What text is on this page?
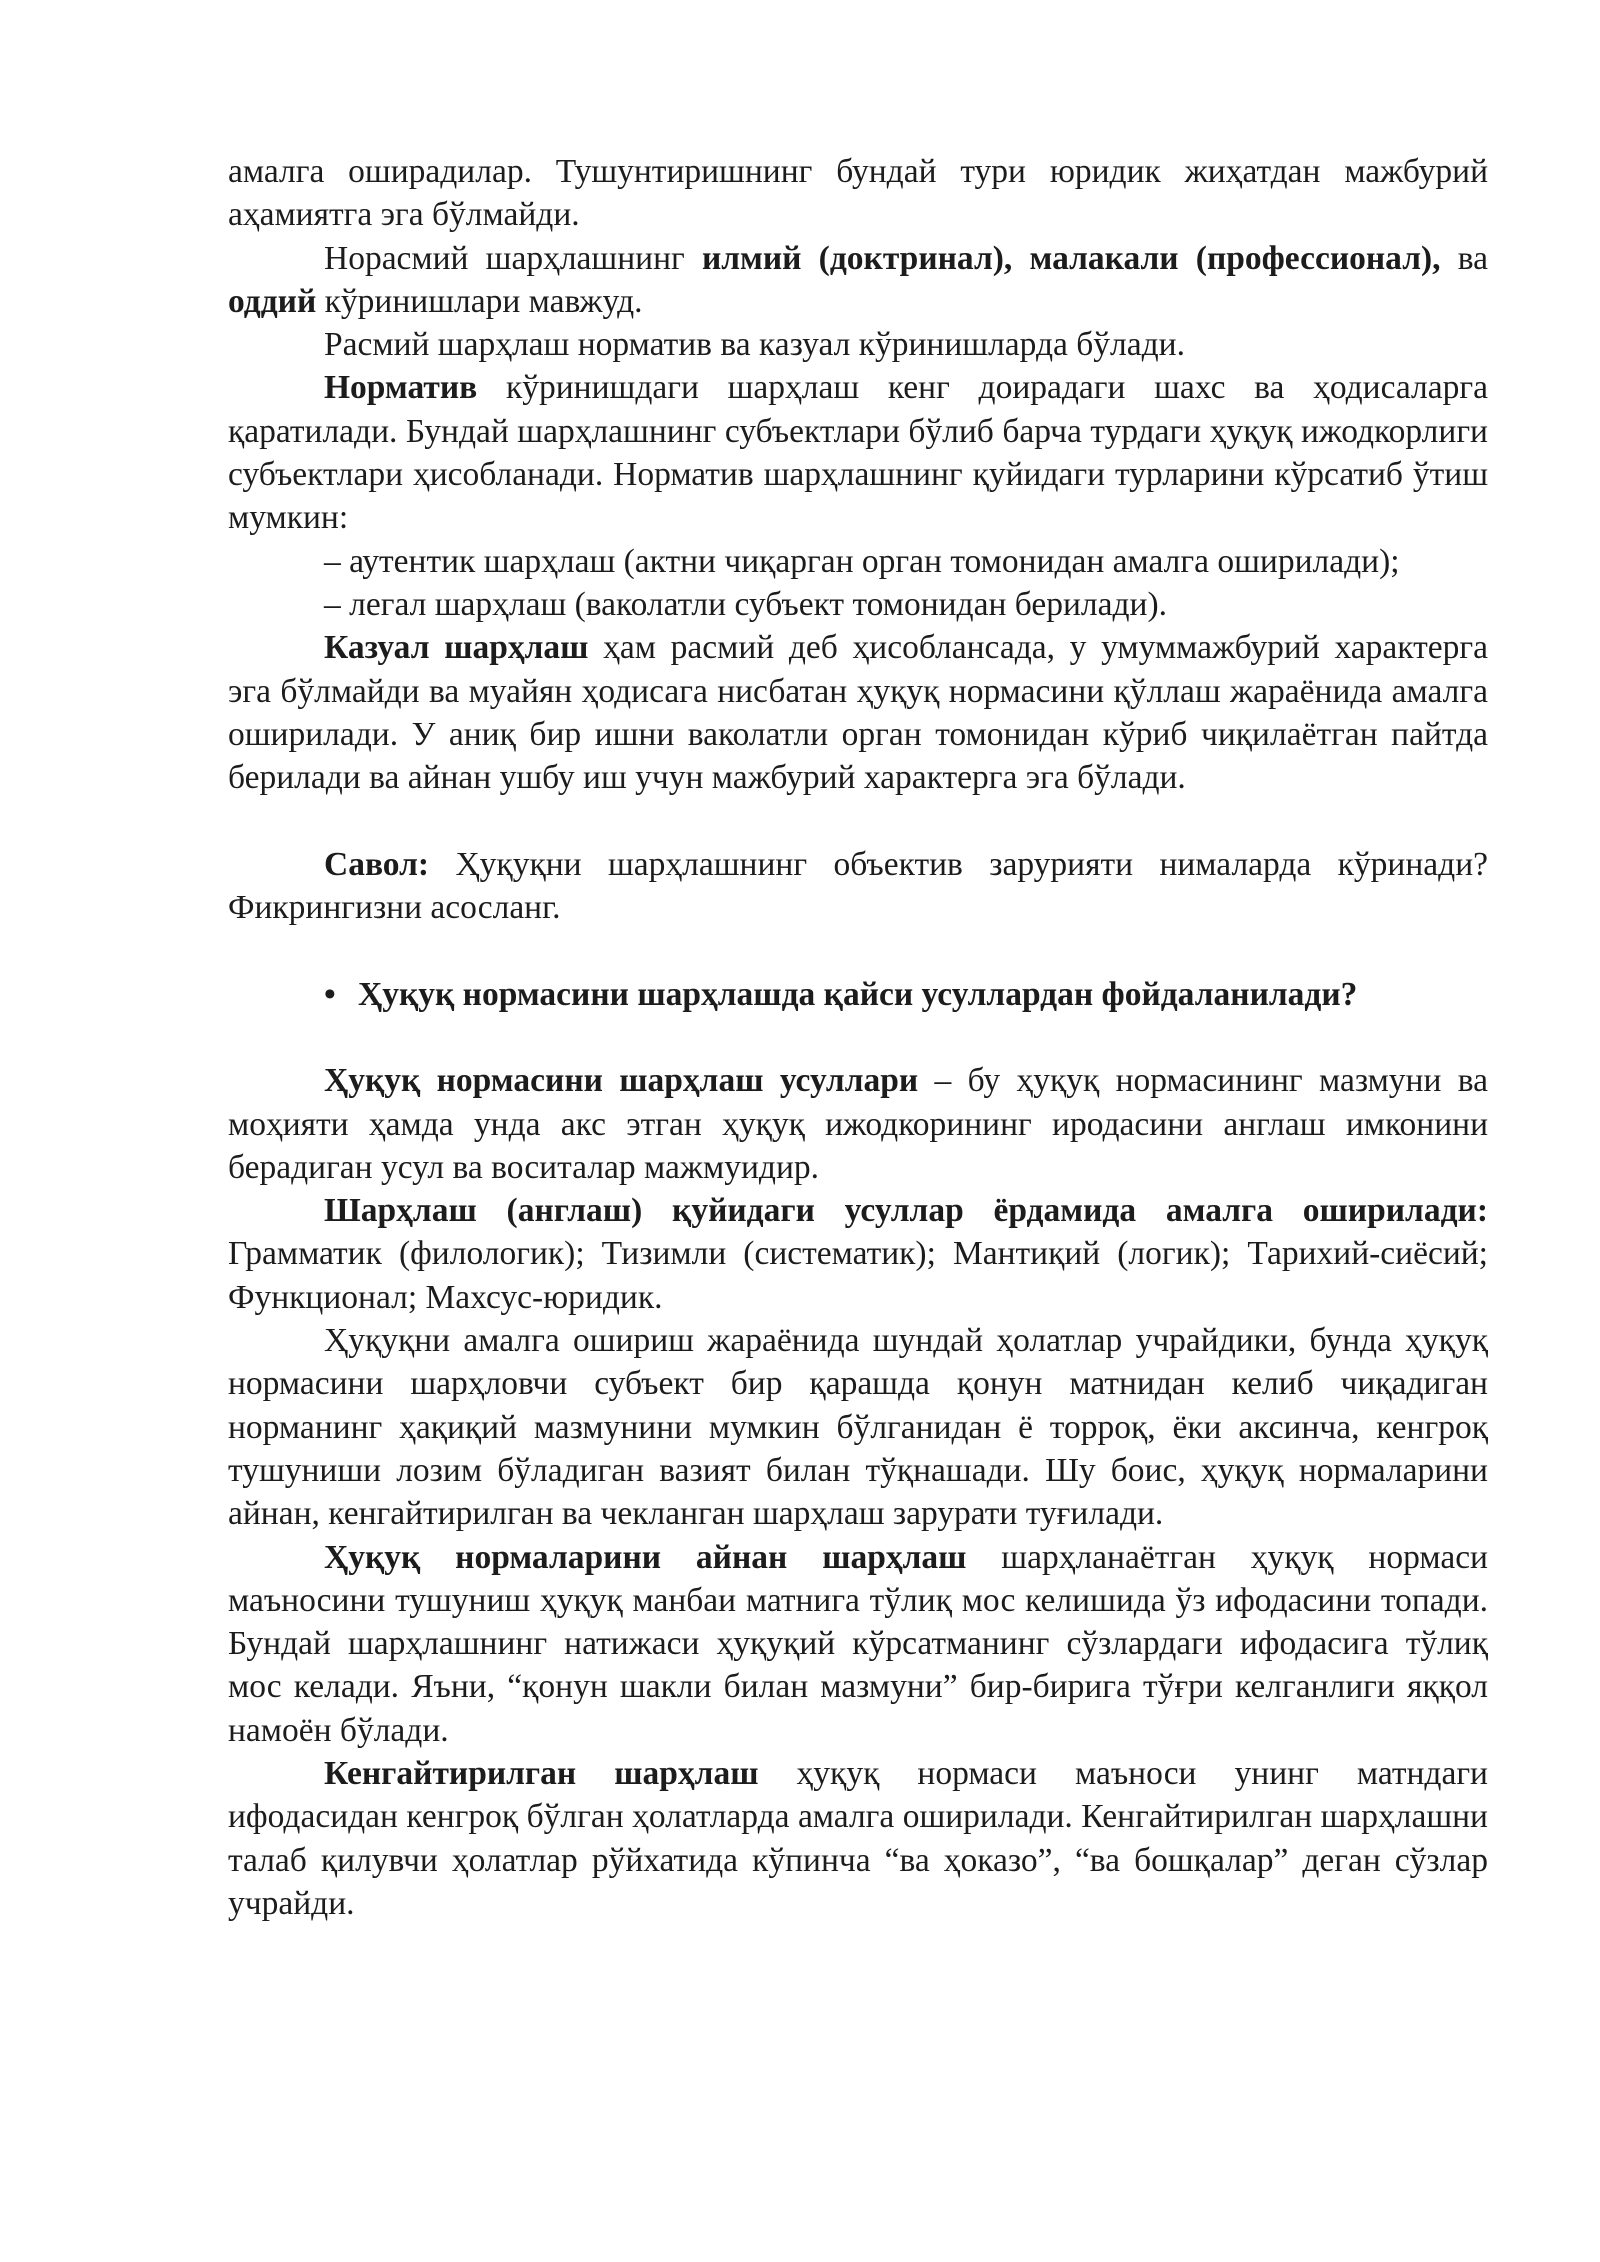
амалга оширадилар. Тушунтиришнинг бундай тури юридик жиҳатдан мажбурий аҳамиятга эга бўлмайди.

Норасмий шарҳлашнинг илмий (доктринал), малакали (профессионал), ва оддий кўринишлари мавжуд.

Расмий шарҳлаш норматив ва казуал кўринишларда бўлади.

Норматив кўринишдаги шарҳлаш кенг доирадаги шахс ва ҳодисаларга қаратилади. Бундай шарҳлашнинг субъектлари бўлиб барча турдаги ҳуқуқ ижодкорлиги субъектлари ҳисобланади. Норматив шарҳлашнинг қуйидаги турларини кўрсатиб ўтиш мумкин:

– аутентик шарҳлаш (актни чиқарган орган томонидан амалга оширилади);

– легал шарҳлаш (ваколатли субъект томонидан берилади).

Казуал шарҳлаш ҳам расмий деб ҳисоблансада, у умуммажбурий характерга эга бўлмайди ва муайян ҳодисага нисбатан ҳуқуқ нормасини қўллаш жараёнида амалга оширилади. У аниқ бир ишни ваколатли орган томонидан кўриб чиқилаётган пайтда берилади ва айнан ушбу иш учун мажбурий характерга эга бўлади.

Савол: Ҳуқуқни шарҳлашнинг объектив зарурияти нималарда кўринади? Фикрингизни асосланг.

• Ҳуқуқ нормасини шарҳлашда қайси усуллардан фойдаланилади?

Ҳуқуқ нормасини шарҳлаш усуллари – бу ҳуқуқ нормасининг мазмуни ва моҳияти ҳамда унда акс этган ҳуқуқ ижодкорининг иродасини англаш имконини берадиган усул ва воситалар мажмуидир.

Шарҳлаш (англаш) қуйидаги усуллар ёрдамида амалга оширилади: Грамматик (филологик); Тизимли (систематик); Мантиқий (логик); Тарихий-сиёсий; Функционал; Махсус-юридик.

Ҳуқуқни амалга ошириш жараёнида шундай ҳолатлар учрайдики, бунда ҳуқуқ нормасини шарҳловчи субъект бир қарашда қонун матнидан келиб чиқадиган норманинг ҳақиқий мазмунини мумкин бўлганидан ё торроқ, ёки аксинча, кенгроқ тушуниши лозим бўладиган вазият билан тўқнашади. Шу боис, ҳуқуқ нормаларини айнан, кенгайтирилган ва чекланган шарҳлаш зарурати туғилади.

Ҳуқуқ нормаларини айнан шарҳлаш шарҳланаётган ҳуқуқ нормаси маъносини тушуниш ҳуқуқ манбаи матнига тўлиқ мос келишида ўз ифодасини топади. Бундай шарҳлашнинг натижаси ҳуқуқий кўрсатманинг сўзлардаги ифодасига тўлиқ мос келади. Яъни, “қонун шакли билан мазмуни” бир-бирига тўғри келганлиги яққол намоён бўлади.

Кенгайтирилган шарҳлаш ҳуқуқ нормаси маъноси унинг матндаги ифодасидан кенгроқ бўлган ҳолатларда амалга оширилади. Кенгайтирилган шарҳлашни талаб қилувчи ҳолатлар рўйхатида кўпинча “ва ҳоказо”, “ва бошқалар” деган сўзлар учрайди.
